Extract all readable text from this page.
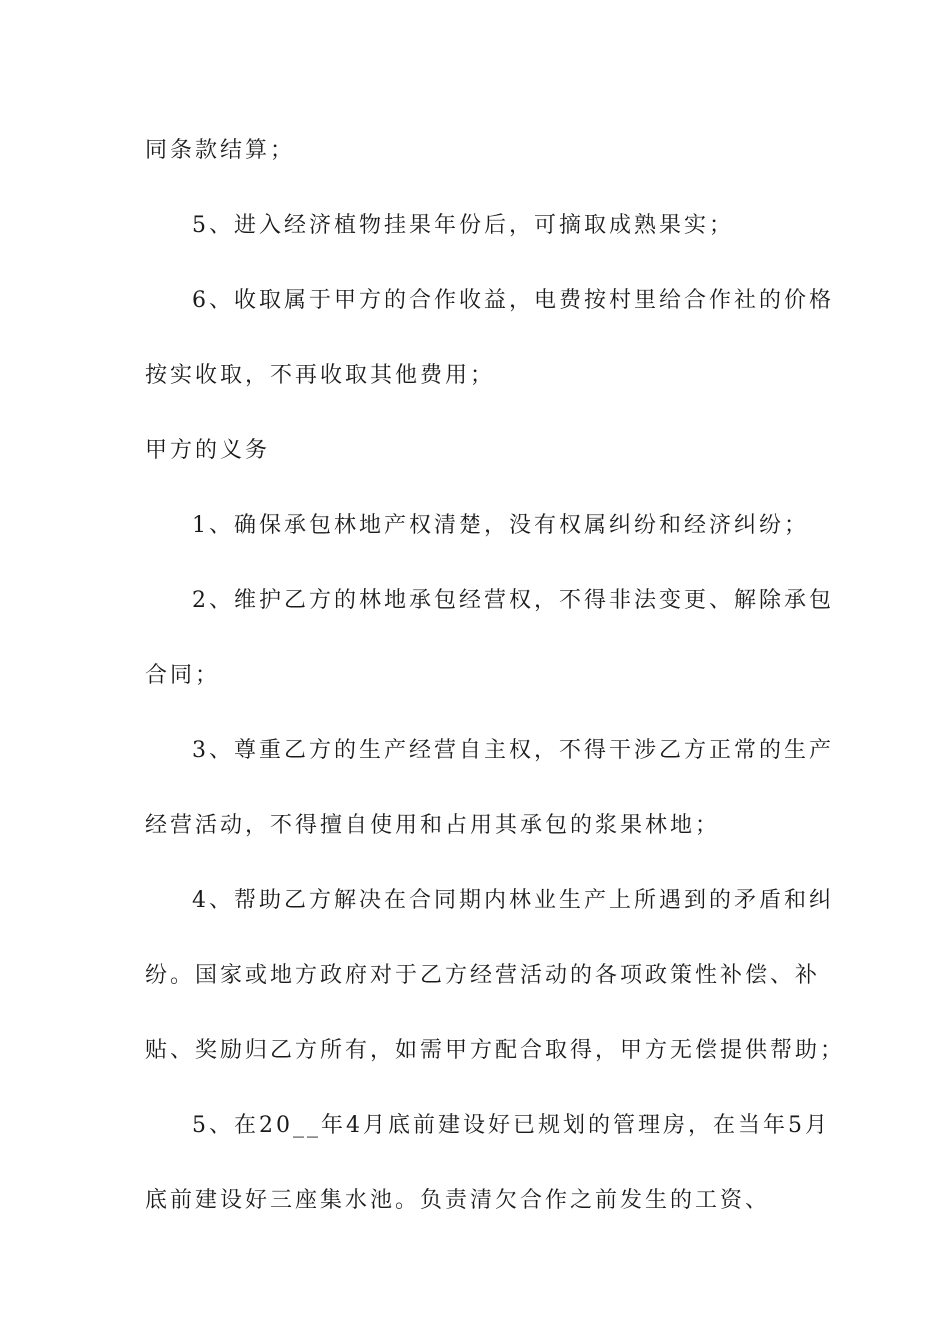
同条款结算；
5、进入经济植物挂果年份后，可摘取成熟果实；
6、收取属于甲方的合作收益，电费按村里给合作社的价格
按实收取，不再收取其他费用；
甲方的义务
1、确保承包林地产权清楚，没有权属纠纷和经济纠纷；
2、维护乙方的林地承包经营权，不得非法变更、解除承包
合同；
3、尊重乙方的生产经营自主权，不得干涉乙方正常的生产
经营活动，不得擅自使用和占用其承包的浆果林地；
4、帮助乙方解决在合同期内林业生产上所遇到的矛盾和纠
纷。国家或地方政府对于乙方经营活动的各项政策性补偿、补
贴、奖励归乙方所有，如需甲方配合取得，甲方无偿提供帮助；
5、在20__年4月底前建设好已规划的管理房，在当年5月
底前建设好三座集水池。负责清欠合作之前发生的工资、
